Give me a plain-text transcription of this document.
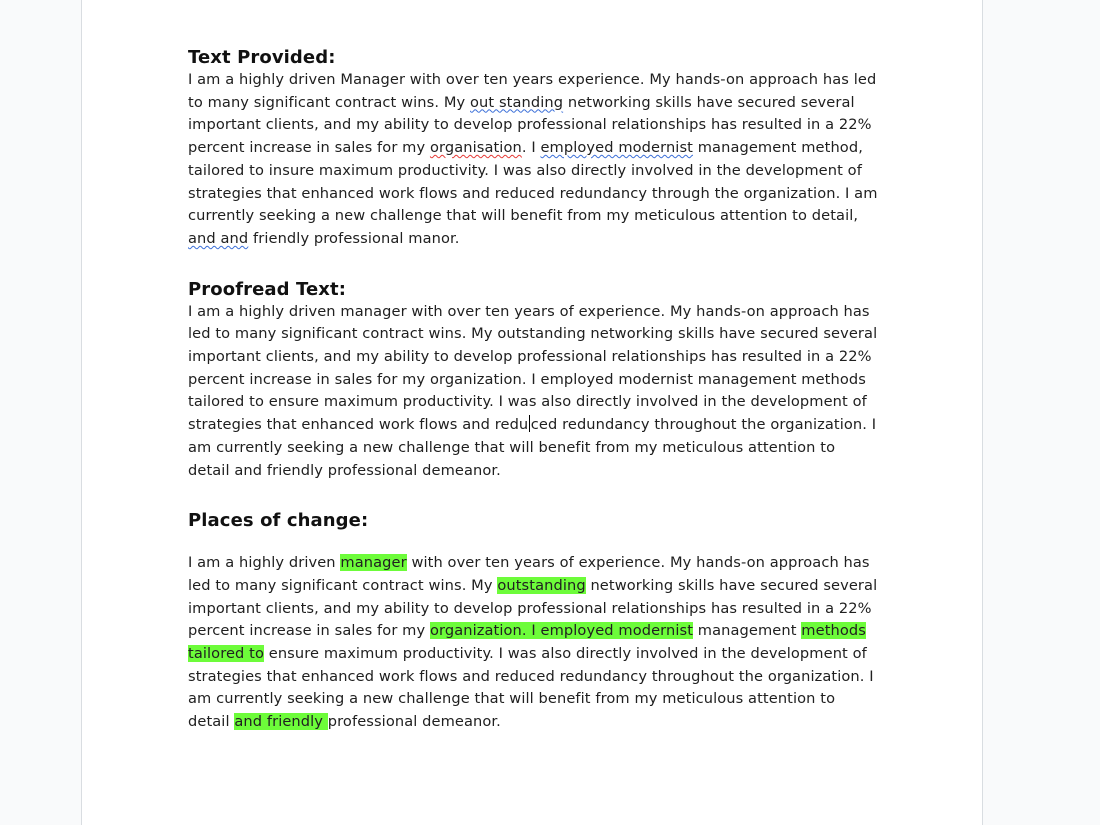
Text Provided:

I am a highly driven Manager with over ten years experience. My hands-on approach has led to many significant contract wins. My out standing networking skills have secured several important clients, and my ability to develop professional relationships has resulted in a 22% percent increase in sales for my organisation. I employed modernist management method, tailored to insure maximum productivity. I was also directly involved in the development of strategies that enhanced work flows and reduced redundancy through the organization. I am currently seeking a new challenge that will benefit from my meticulous attention to detail, and and friendly professional manor.

Proofread Text:

I am a highly driven manager with over ten years of experience. My hands-on approach has led to many significant contract wins. My outstanding networking skills have secured several important clients, and my ability to develop professional relationships has resulted in a 22% percent increase in sales for my organization. I employed modernist management methods tailored to ensure maximum productivity. I was also directly involved in the development of strategies that enhanced work flows and redu ced redundancy throughout the organization. I am currently seeking a new challenge that will benefit from my meticulous attention to detail and friendly professional demeanor.

Places of change:

I am a highly driven manager with over ten years of experience. My hands-on approach has led to many significant contract wins. My outstanding networking skills have secured several important clients, and my ability to develop professional relationships has resulted in a 22% percent increase in sales for my organization. I employed modernist management methods tailored to ensure maximum productivity. I was also directly involved in the development of strategies that enhanced work flows and reduced redundancy throughout the organization. I am currently seeking a new challenge that will benefit from my meticulous attention to detail and friendly professional demeanor.
